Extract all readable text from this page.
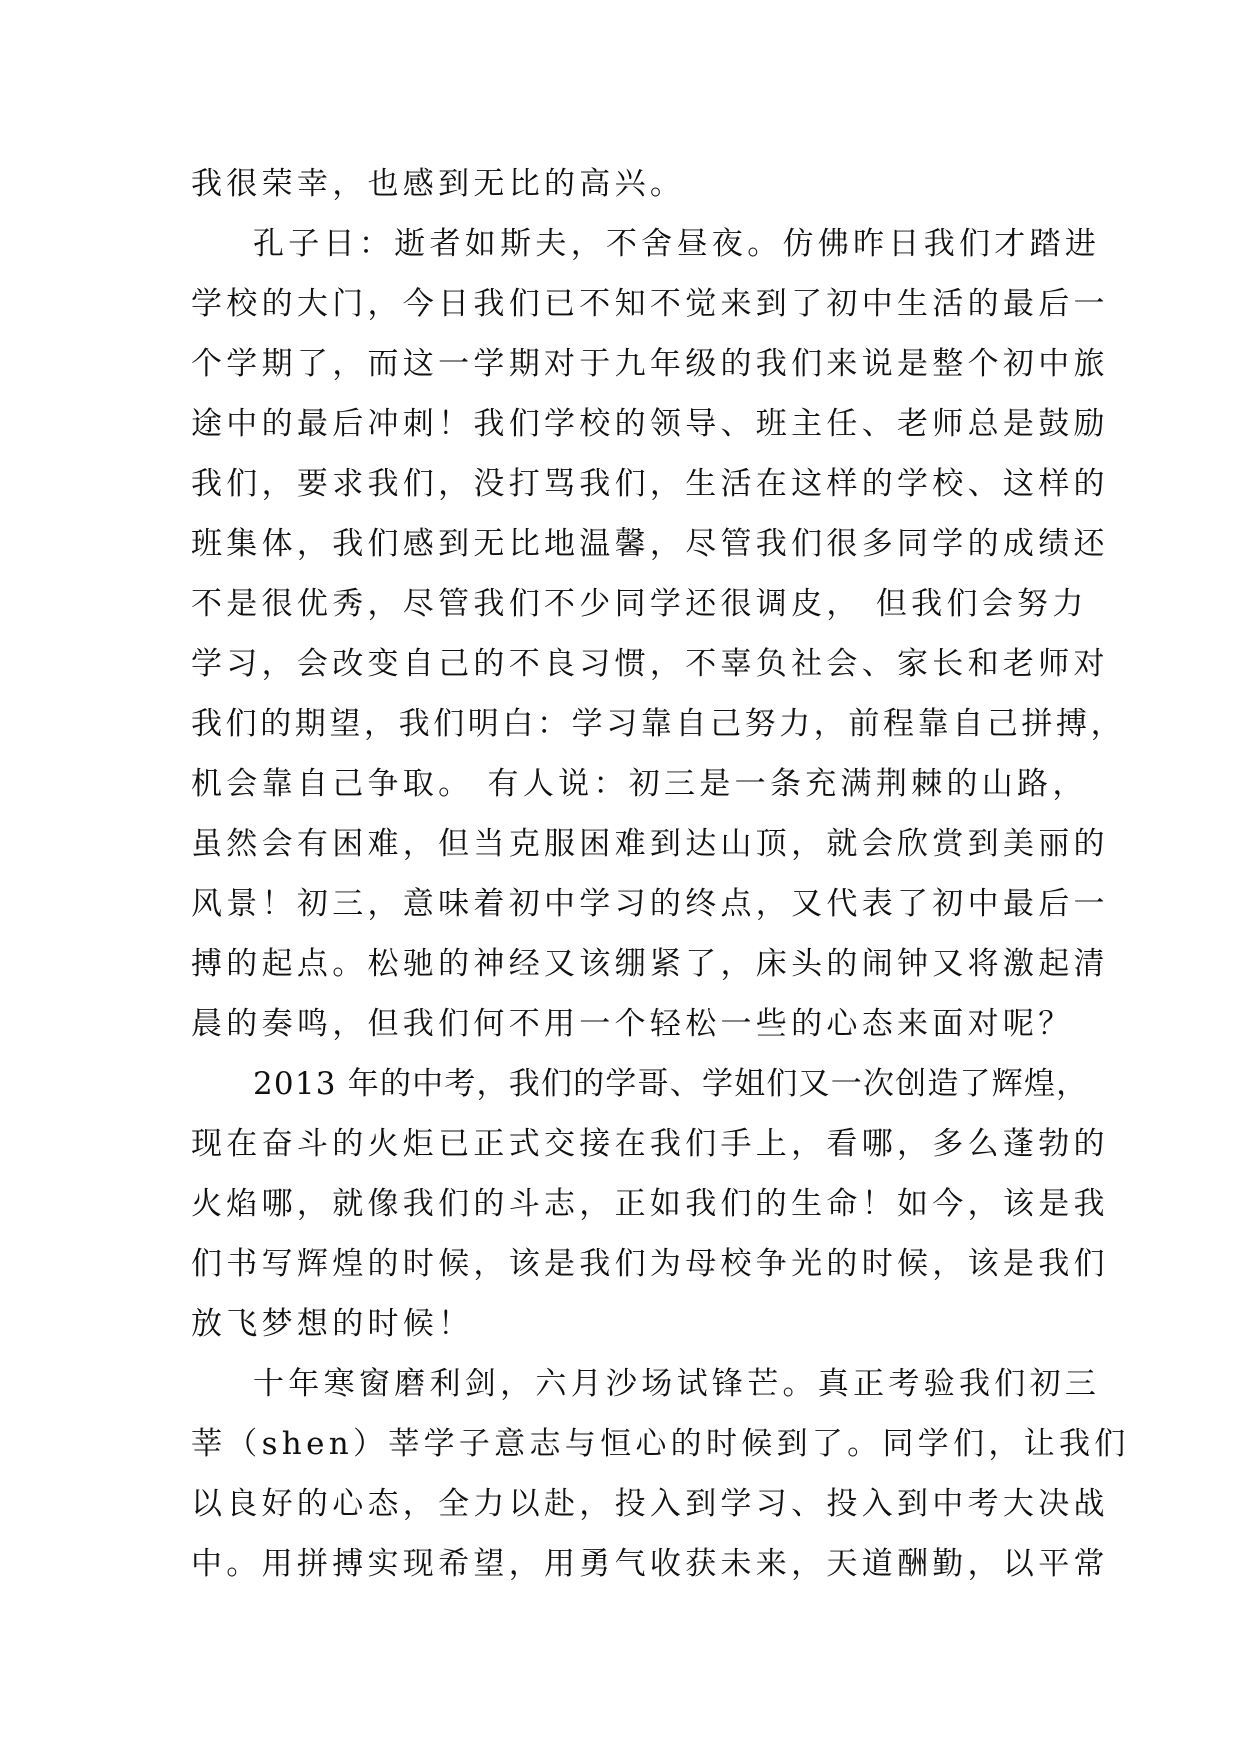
我很荣幸，也感到无比的高兴。
孔子日：逝者如斯夫，不舍昼夜。仿佛昨日我们才踏进
学校的大门，今日我们已不知不觉来到了初中生活的最后一
个学期了，而这一学期对于九年级的我们来说是整个初中旅
途中的最后冲刺！我们学校的领导、班主任、老师总是鼓励
我们，要求我们，没打骂我们，生活在这样的学校、这样的
班集体，我们感到无比地温馨，尽管我们很多同学的成绩还
不是很优秀，尽管我们不少同学还很调皮， 但我们会努力
学习，会改变自己的不良习惯，不辜负社会、家长和老师对
我们的期望，我们明白：学习靠自己努力，前程靠自己拼搏，
机会靠自己争取。 有人说：初三是一条充满荆棘的山路，
虽然会有困难，但当克服困难到达山顶，就会欣赏到美丽的
风景！初三，意味着初中学习的终点，又代表了初中最后一
搏的起点。松驰的神经又该绷紧了，床头的闹钟又将激起清
晨的奏鸣，但我们何不用一个轻松一些的心态来面对呢？
2013 年的中考，我们的学哥、学姐们又一次创造了辉煌，
现在奋斗的火炬已正式交接在我们手上，看哪，多么蓬勃的
火焰哪，就像我们的斗志，正如我们的生命！如今，该是我
们书写辉煌的时候，该是我们为母校争光的时候，该是我们
放飞梦想的时候！
十年寒窗磨利剑，六月沙场试锋芒。真正考验我们初三
莘（shen）莘学子意志与恒心的时候到了。同学们，让我们
以良好的心态，全力以赴，投入到学习、投入到中考大决战
中。用拼搏实现希望，用勇气收获未来，天道酬勤，以平常
